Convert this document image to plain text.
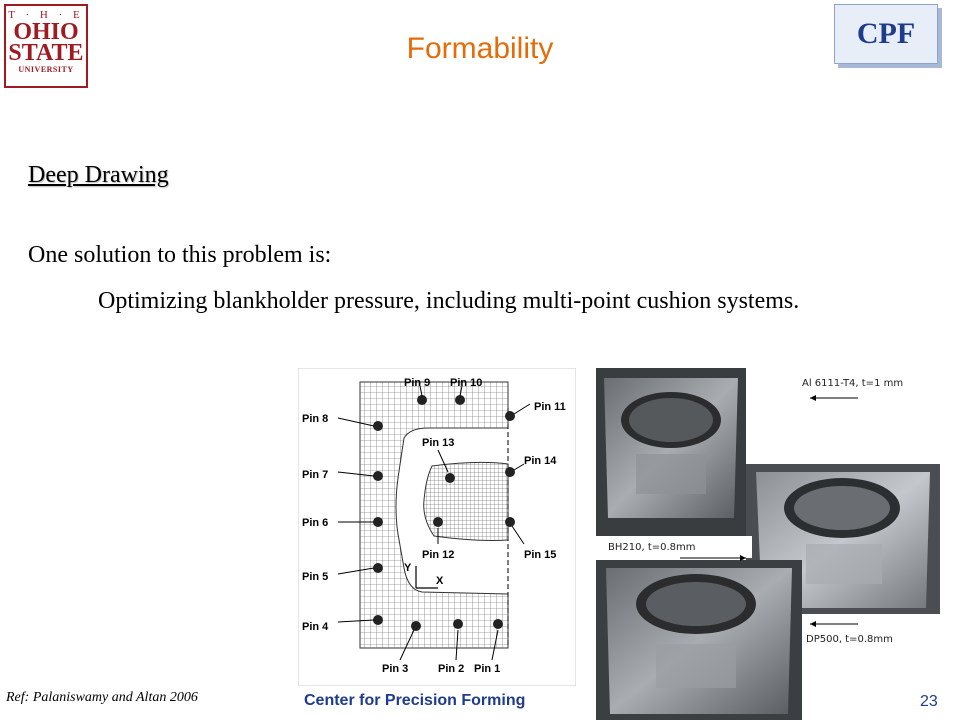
T · H · E
OHIO
STATE
UNIVERSITY
Formability	CPF
Deep Drawing
One solution to this problem is:
Optimizing blankholder pressure, including multi-point cushion systems.
Y
X
Pin 9 Pin 10
Pin 11
Pin 8
Pin 13
Pin 7
Pin 14
Pin 6
Pin 12	Pin 15
Pin 5
Pin 4
Pin 3	Pin 2 Pin 1
Al 6111-T4, t=1 mm
BH210, t=0.8mm
DP500, t=0.8mm
Ref: Palaniswamy and Altan 2006	Center for Precision Forming	23
